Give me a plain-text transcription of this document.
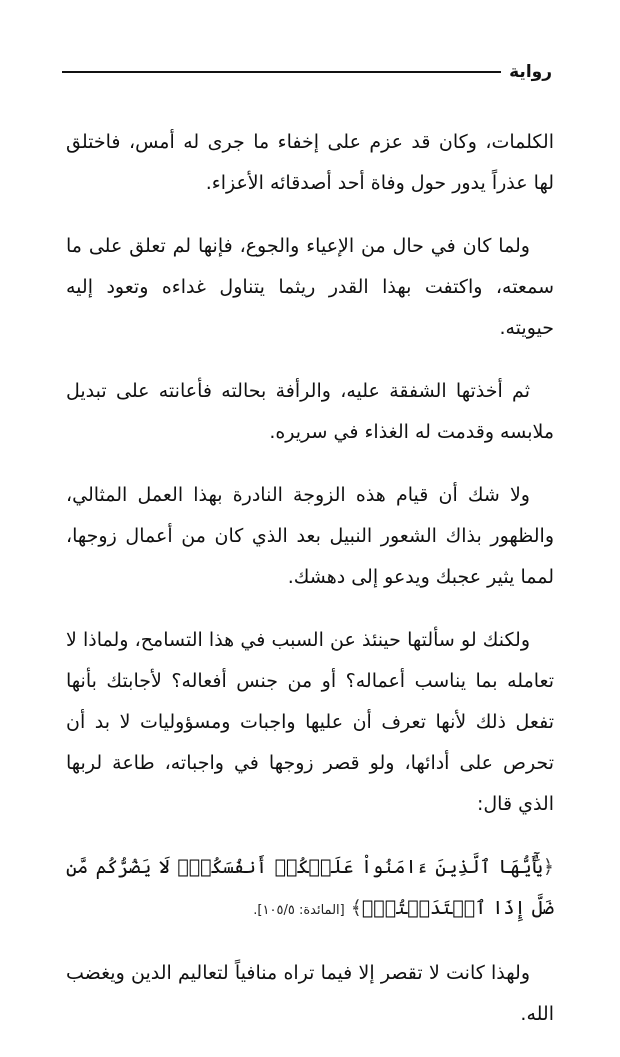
رواية

الكلمات، وكان قد عزم على إخفاء ما جرى له أمس، فاختلق لها عذراً يدور حول وفاة أحد أصدقائه الأعزاء.

ولما كان في حال من الإعياء والجوع، فإنها لم تعلق على ما سمعته، واكتفت بهذا القدر ريثما يتناول غداءه وتعود إليه حيويته.

ثم أخذتها الشفقة عليه، والرأفة بحالته فأعانته على تبديل ملابسه وقدمت له الغذاء في سريره.

ولا شك أن قيام هذه الزوجة النادرة بهذا العمل المثالي، والظهور بذاك الشعور النبيل بعد الذي كان من أعمال زوجها، لمما يثير عجبك ويدعو إلى دهشك.

ولكنك لو سألتها حينئذ عن السبب في هذا التسامح، ولماذا لا تعامله بما يناسب أعماله؟ أو من جنس أفعاله؟ لأجابتك بأنها تفعل ذلك لأنها تعرف أن عليها واجبات ومسؤوليات لا بد أن تحرص على أدائها، ولو قصر زوجها في واجباته، طاعة لربها الذي قال:

﴿يَٰٓأَيُّهَا ٱلَّذِينَ ءَامَنُواْ عَلَيۡكُمۡ أَنفُسَكُمۡۖ لَا يَضُرُّكُم مَّن ضَلَّ إِذَا ٱهۡتَدَيۡتُمۡۚ﴾ [المائدة: ١٠٥/٥].

ولهذا كانت لا تقصر إلا فيما تراه منافياً لتعاليم الدين ويغضب الله.
